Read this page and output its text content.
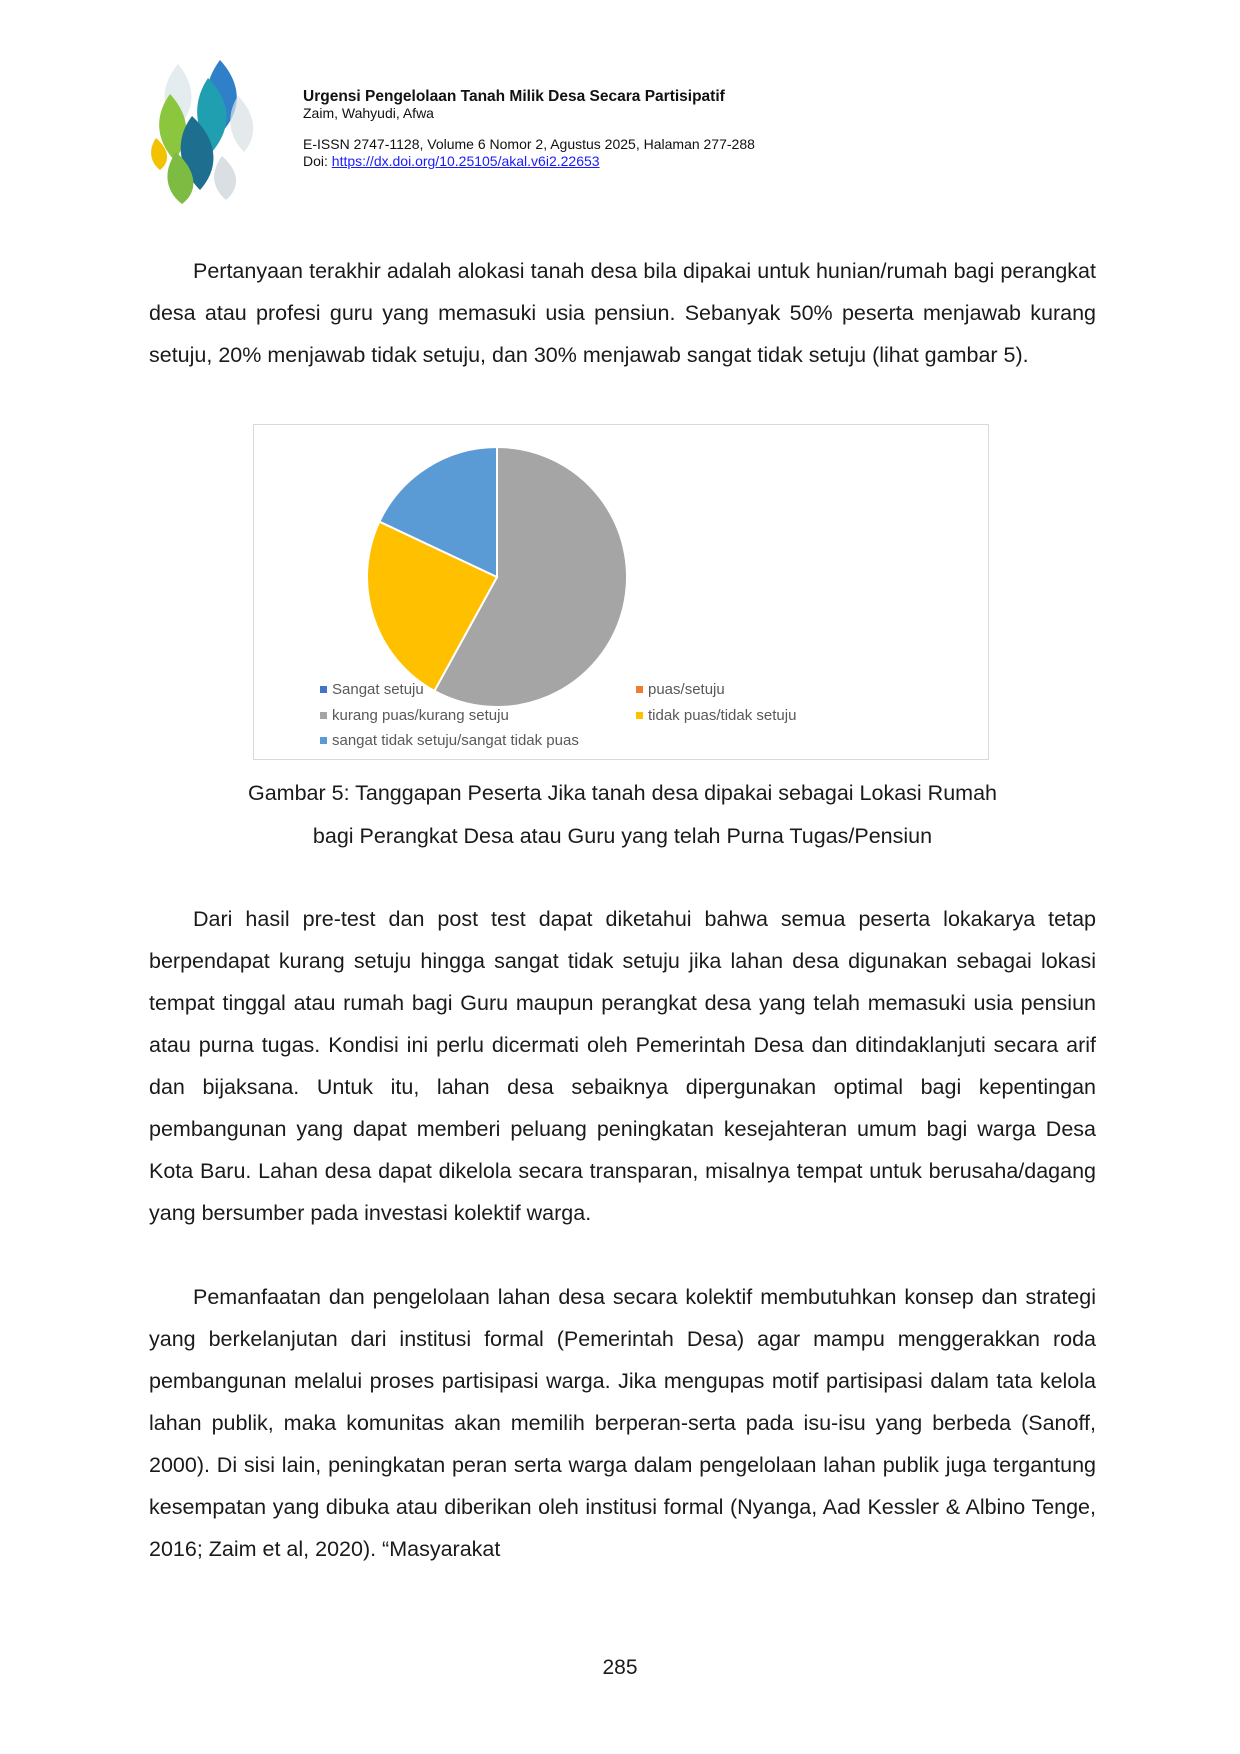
Urgensi Pengelolaan Tanah Milik Desa Secara Partisipatif
Zaim, Wahyudi, Afwa
E-ISSN 2747-1128, Volume 6 Nomor 2, Agustus 2025, Halaman 277-288
Doi: https://dx.doi.org/10.25105/akal.v6i2.22653

Pertanyaan terakhir adalah alokasi tanah desa bila dipakai untuk hunian/rumah bagi perangkat desa atau profesi guru yang memasuki usia pensiun. Sebanyak 50% peserta menjawab kurang setuju, 20% menjawab tidak setuju, dan 30% menjawab sangat tidak setuju (lihat gambar 5).

Sangat setuju	puas/setuju
kurang puas/kurang setuju	tidak puas/tidak setuju
sangat tidak setuju/sangat tidak puas
Gambar 5: Tanggapan Peserta Jika tanah desa dipakai sebagai Lokasi Rumah
bagi Perangkat Desa atau Guru yang telah Purna Tugas/Pensiun

Dari hasil pre-test dan post test dapat diketahui bahwa semua peserta lokakarya tetap berpendapat kurang setuju hingga sangat tidak setuju jika lahan desa digunakan sebagai lokasi tempat tinggal atau rumah bagi Guru maupun perangkat desa yang telah memasuki usia pensiun atau purna tugas. Kondisi ini perlu dicermati oleh Pemerintah Desa dan ditindaklanjuti secara arif dan bijaksana. Untuk itu, lahan desa sebaiknya dipergunakan optimal bagi kepentingan pembangunan yang dapat memberi peluang peningkatan kesejahteran umum bagi warga Desa Kota Baru. Lahan desa dapat dikelola secara transparan, misalnya tempat untuk berusaha/dagang yang bersumber pada investasi kolektif warga.

Pemanfaatan dan pengelolaan lahan desa secara kolektif membutuhkan konsep dan strategi yang berkelanjutan dari institusi formal (Pemerintah Desa) agar mampu menggerakkan roda pembangunan melalui proses partisipasi warga. Jika mengupas motif partisipasi dalam tata kelola lahan publik, maka komunitas akan memilih berperan-serta pada isu-isu yang berbeda (Sanoff, 2000). Di sisi lain, peningkatan peran serta warga dalam pengelolaan lahan publik juga tergantung kesempatan yang dibuka atau diberikan oleh institusi formal (Nyanga, Aad Kessler & Albino Tenge, 2016; Zaim et al, 2020). “Masyarakat

285
